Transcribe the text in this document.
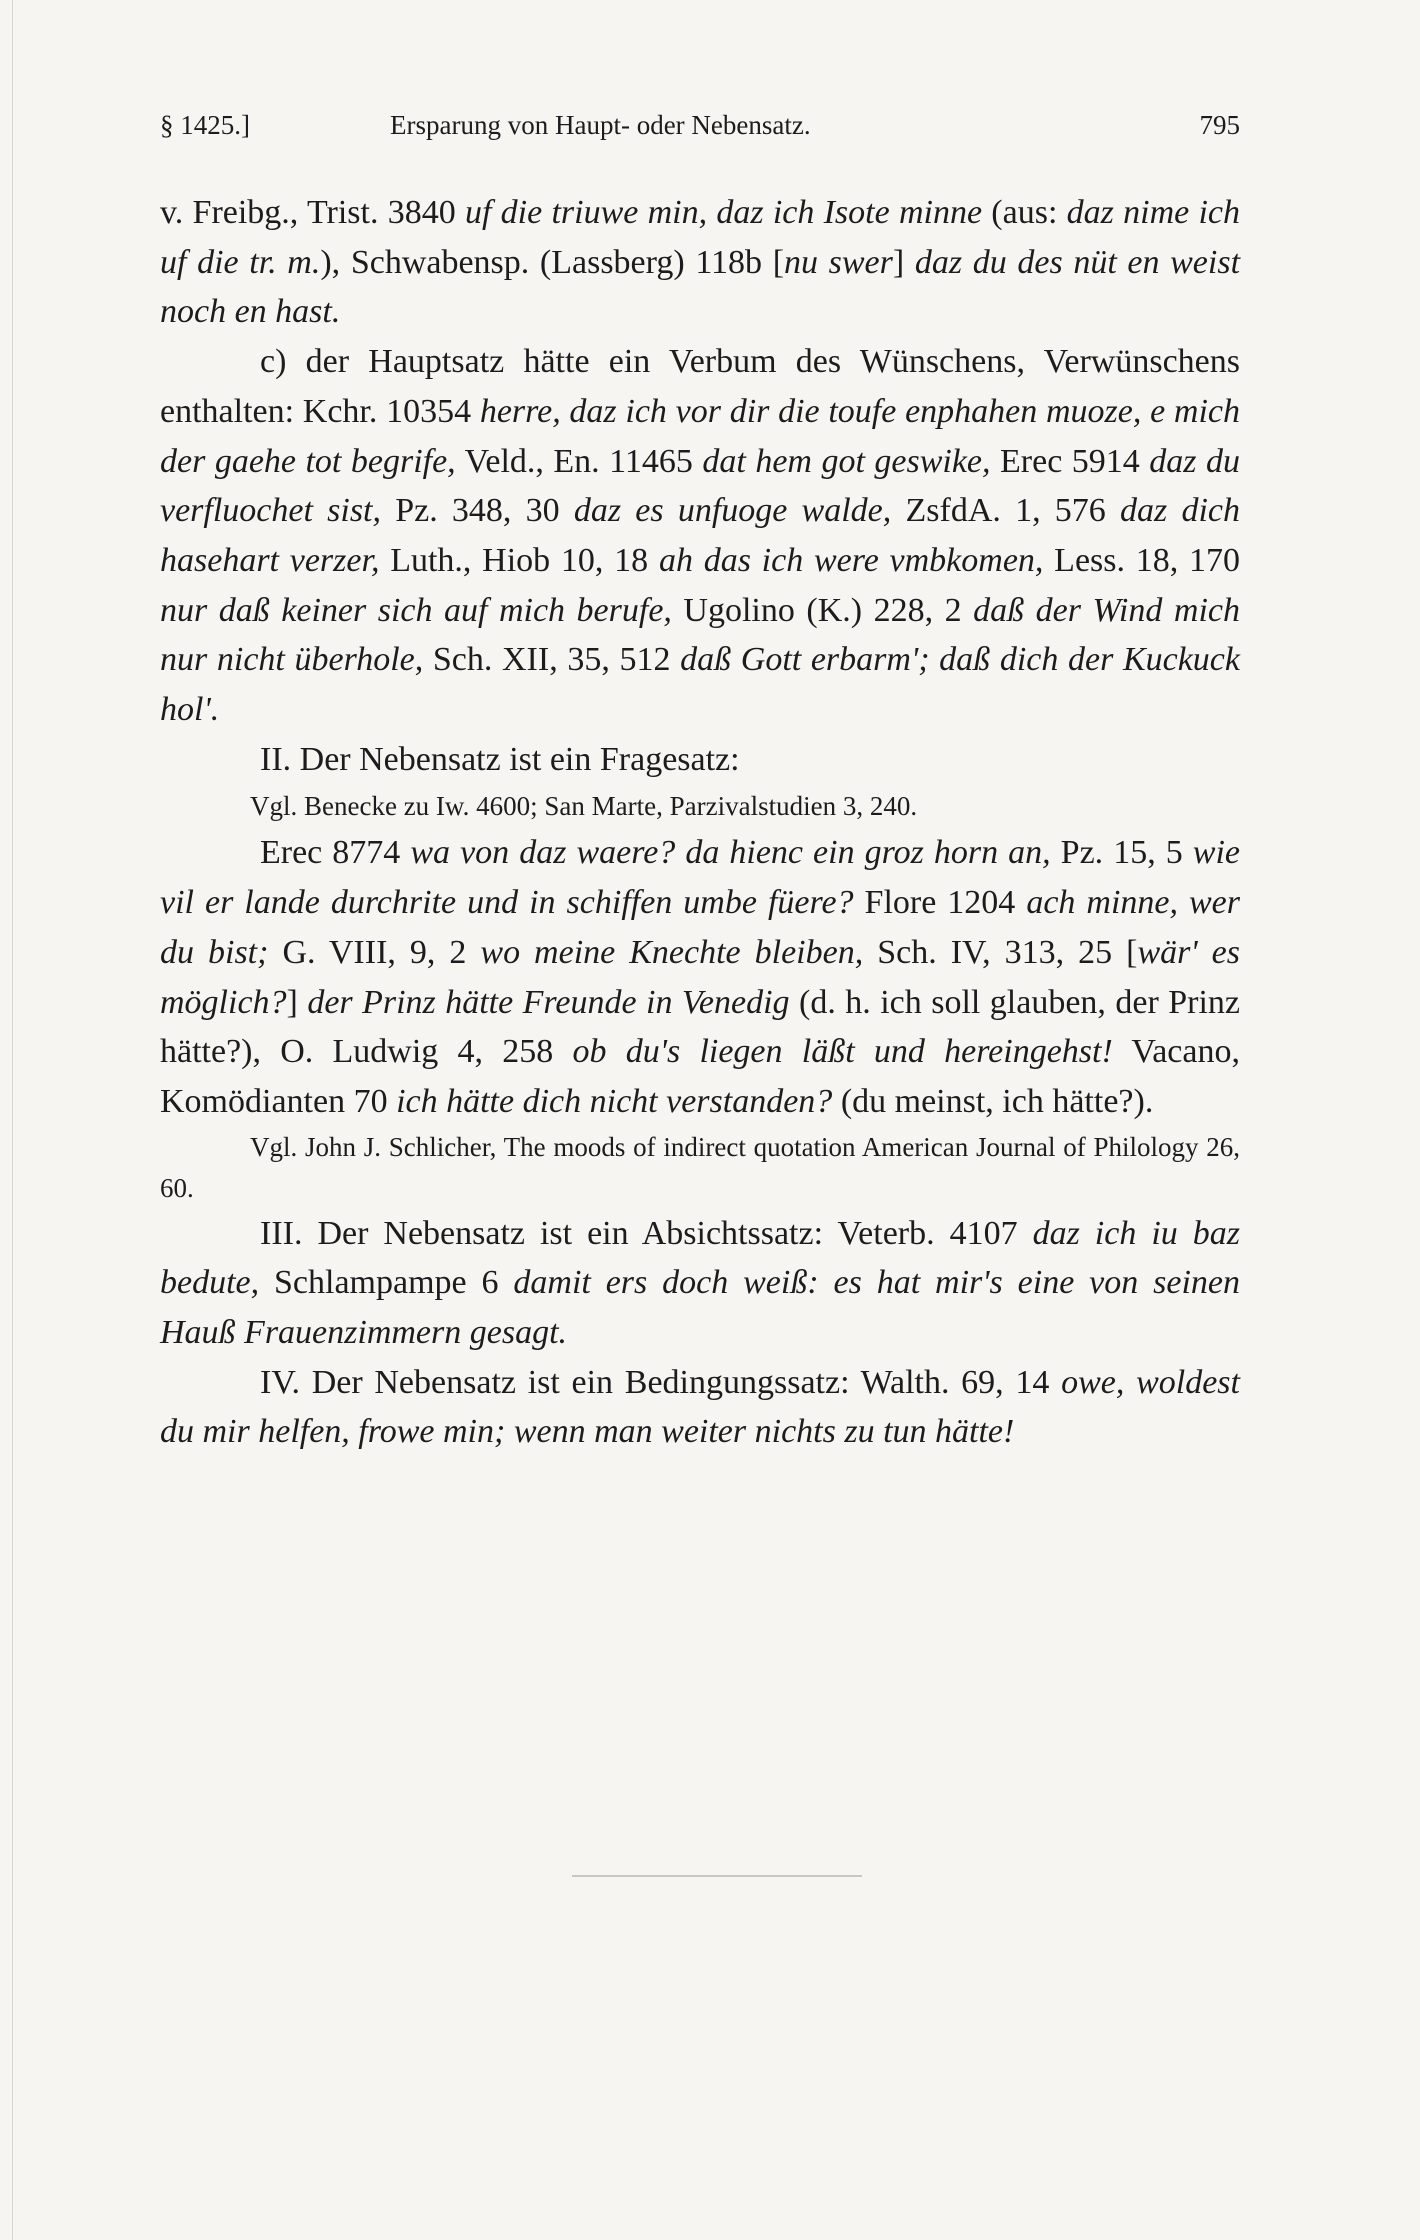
§ 1425.]	Ersparung von Haupt- oder Nebensatz.	795

v. Freibg., Trist. 3840 uf die triuwe min, daz ich Isote minne (aus: daz nime ich uf die tr. m.), Schwabensp. (Lassberg) 118b [nu swer] daz du des nüt en weist noch en hast.

c) der Hauptsatz hätte ein Verbum des Wünschens, Verwünschens enthalten: Kchr. 10354 herre, daz ich vor dir die toufe enphahen muoze, e mich der gaehe tot begrife, Veld., En. 11465 dat hem got geswike, Erec 5914 daz du verfluochet sist, Pz. 348, 30 daz es unfuoge walde, ZsfdA. 1, 576 daz dich hasehart verzer, Luth., Hiob 10, 18 ah das ich were vmbkomen, Less. 18, 170 nur daß keiner sich auf mich berufe, Ugolino (K.) 228, 2 daß der Wind mich nur nicht überhole, Sch. XII, 35, 512 daß Gott erbarm'; daß dich der Kuckuck hol'.

II. Der Nebensatz ist ein Fragesatz:

Vgl. Benecke zu Iw. 4600; San Marte, Parzivalstudien 3, 240.

Erec 8774 wa von daz waere? da hienc ein groz horn an, Pz. 15, 5 wie vil er lande durchrite und in schiffen umbe füere? Flore 1204 ach minne, wer du bist; G. VIII, 9, 2 wo meine Knechte bleiben, Sch. IV, 313, 25 [wär' es möglich?] der Prinz hätte Freunde in Venedig (d. h. ich soll glauben, der Prinz hätte?), O. Ludwig 4, 258 ob du's liegen läßt und hereingehst! Vacano, Komödianten 70 ich hätte dich nicht verstanden? (du meinst, ich hätte?).

Vgl. John J. Schlicher, The moods of indirect quotation American Journal of Philology 26, 60.

III. Der Nebensatz ist ein Absichtssatz: Veterb. 4107 daz ich iu baz bedute, Schlampampe 6 damit ers doch weiß: es hat mir's eine von seinen Hauß Frauenzimmern gesagt.

IV. Der Nebensatz ist ein Bedingungssatz: Walth. 69, 14 owe, woldest du mir helfen, frowe min; wenn man weiter nichts zu tun hätte!
